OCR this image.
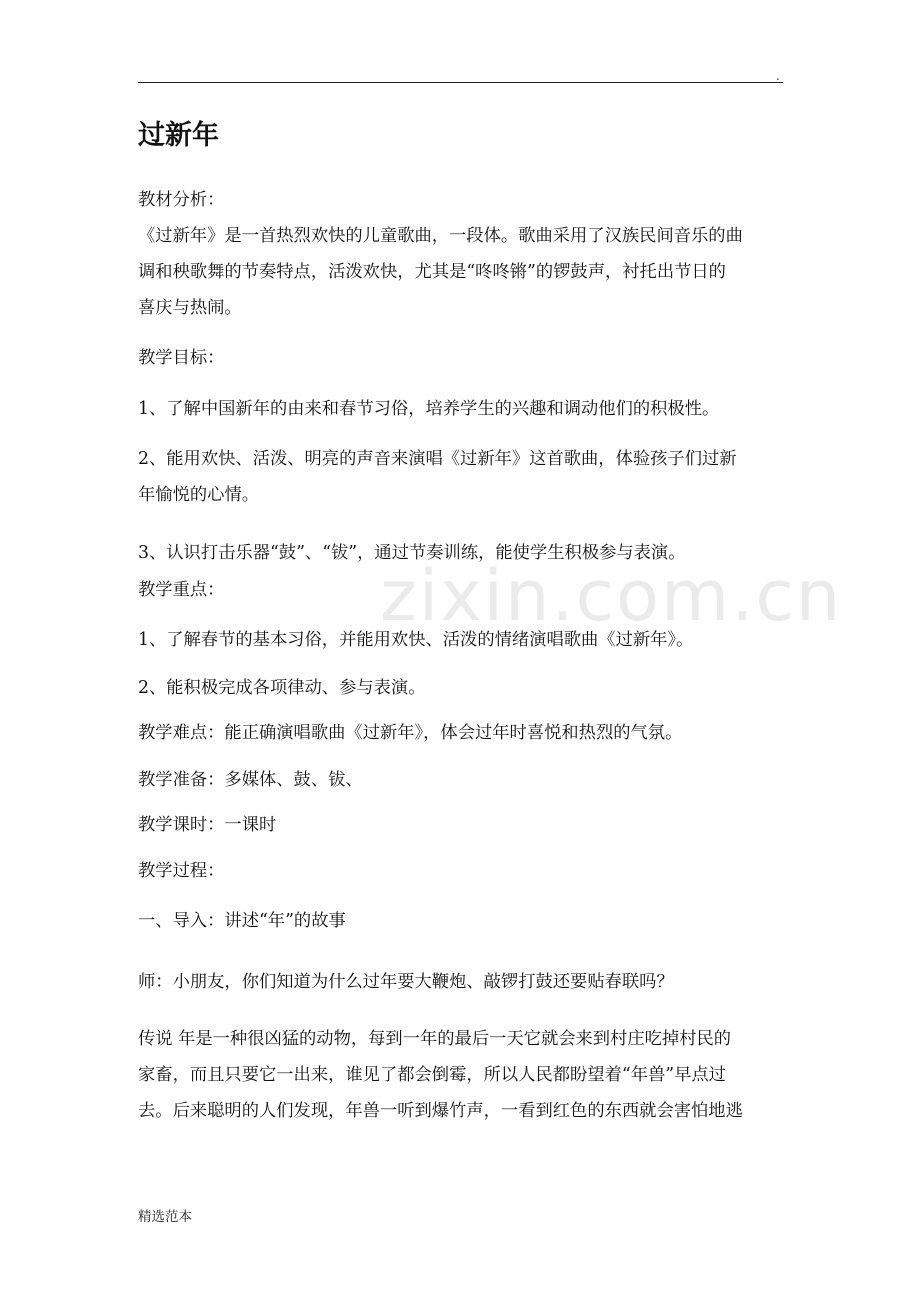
.
zixin.com.cn
过新年
教材分析：
《过新年》是一首热烈欢快的儿童歌曲，一段体。歌曲采用了汉族民间音乐的曲
调和秧歌舞的节奏特点，活泼欢快，尤其是“咚咚锵”的锣鼓声，衬托出节日的
喜庆与热闹。
教学目标：
1、了解中国新年的由来和春节习俗，培养学生的兴趣和调动他们的积极性。
2、能用欢快、活泼、明亮的声音来演唱《过新年》这首歌曲，体验孩子们过新
年愉悦的心情。
3、认识打击乐器“鼓”、“钹”，通过节奏训练，能使学生积极参与表演。
教学重点：
1、了解春节的基本习俗，并能用欢快、活泼的情绪演唱歌曲《过新年》。
2、能积极完成各项律动、参与表演。
教学难点：能正确演唱歌曲《过新年》，体会过年时喜悦和热烈的气氛。
教学准备：多媒体、鼓、钹、
教学课时：一课时
教学过程：
一、导入：讲述“年”的故事
师：小朋友，你们知道为什么过年要大鞭炮、敲锣打鼓还要贴春联吗？
传说 年是一种很凶猛的动物，每到一年的最后一天它就会来到村庄吃掉村民的
家畜，而且只要它一出来，谁见了都会倒霉，所以人民都盼望着“年兽”早点过
去。后来聪明的人们发现，年兽一听到爆竹声，一看到红色的东西就会害怕地逃
精选范本
